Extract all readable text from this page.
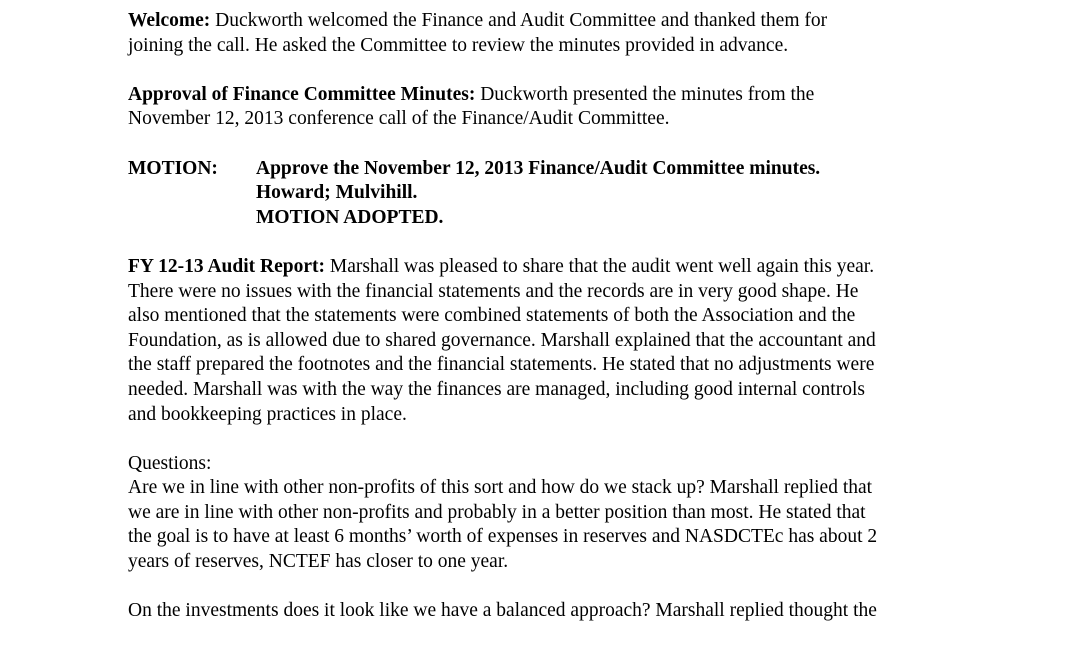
Welcome: Duckworth welcomed the Finance and Audit Committee and thanked them for
joining the call. He asked the Committee to review the minutes provided in advance.
Approval of Finance Committee Minutes: Duckworth presented the minutes from the
November 12, 2013 conference call of the Finance/Audit Committee.
MOTION: Approve the November 12, 2013 Finance/Audit Committee minutes.
Howard; Mulvihill.
MOTION ADOPTED.
FY 12-13 Audit Report: Marshall was pleased to share that the audit went well again this year.
There were no issues with the financial statements and the records are in very good shape. He
also mentioned that the statements were combined statements of both the Association and the
Foundation, as is allowed due to shared governance. Marshall explained that the accountant and
the staff prepared the footnotes and the financial statements. He stated that no adjustments were
needed. Marshall was with the way the finances are managed, including good internal controls
and bookkeeping practices in place.
Questions:
Are we in line with other non-profits of this sort and how do we stack up? Marshall replied that
we are in line with other non-profits and probably in a better position than most. He stated that
the goal is to have at least 6 months’ worth of expenses in reserves and NASDCTEc has about 2
years of reserves, NCTEF has closer to one year.
On the investments does it look like we have a balanced approach? Marshall replied thought the
